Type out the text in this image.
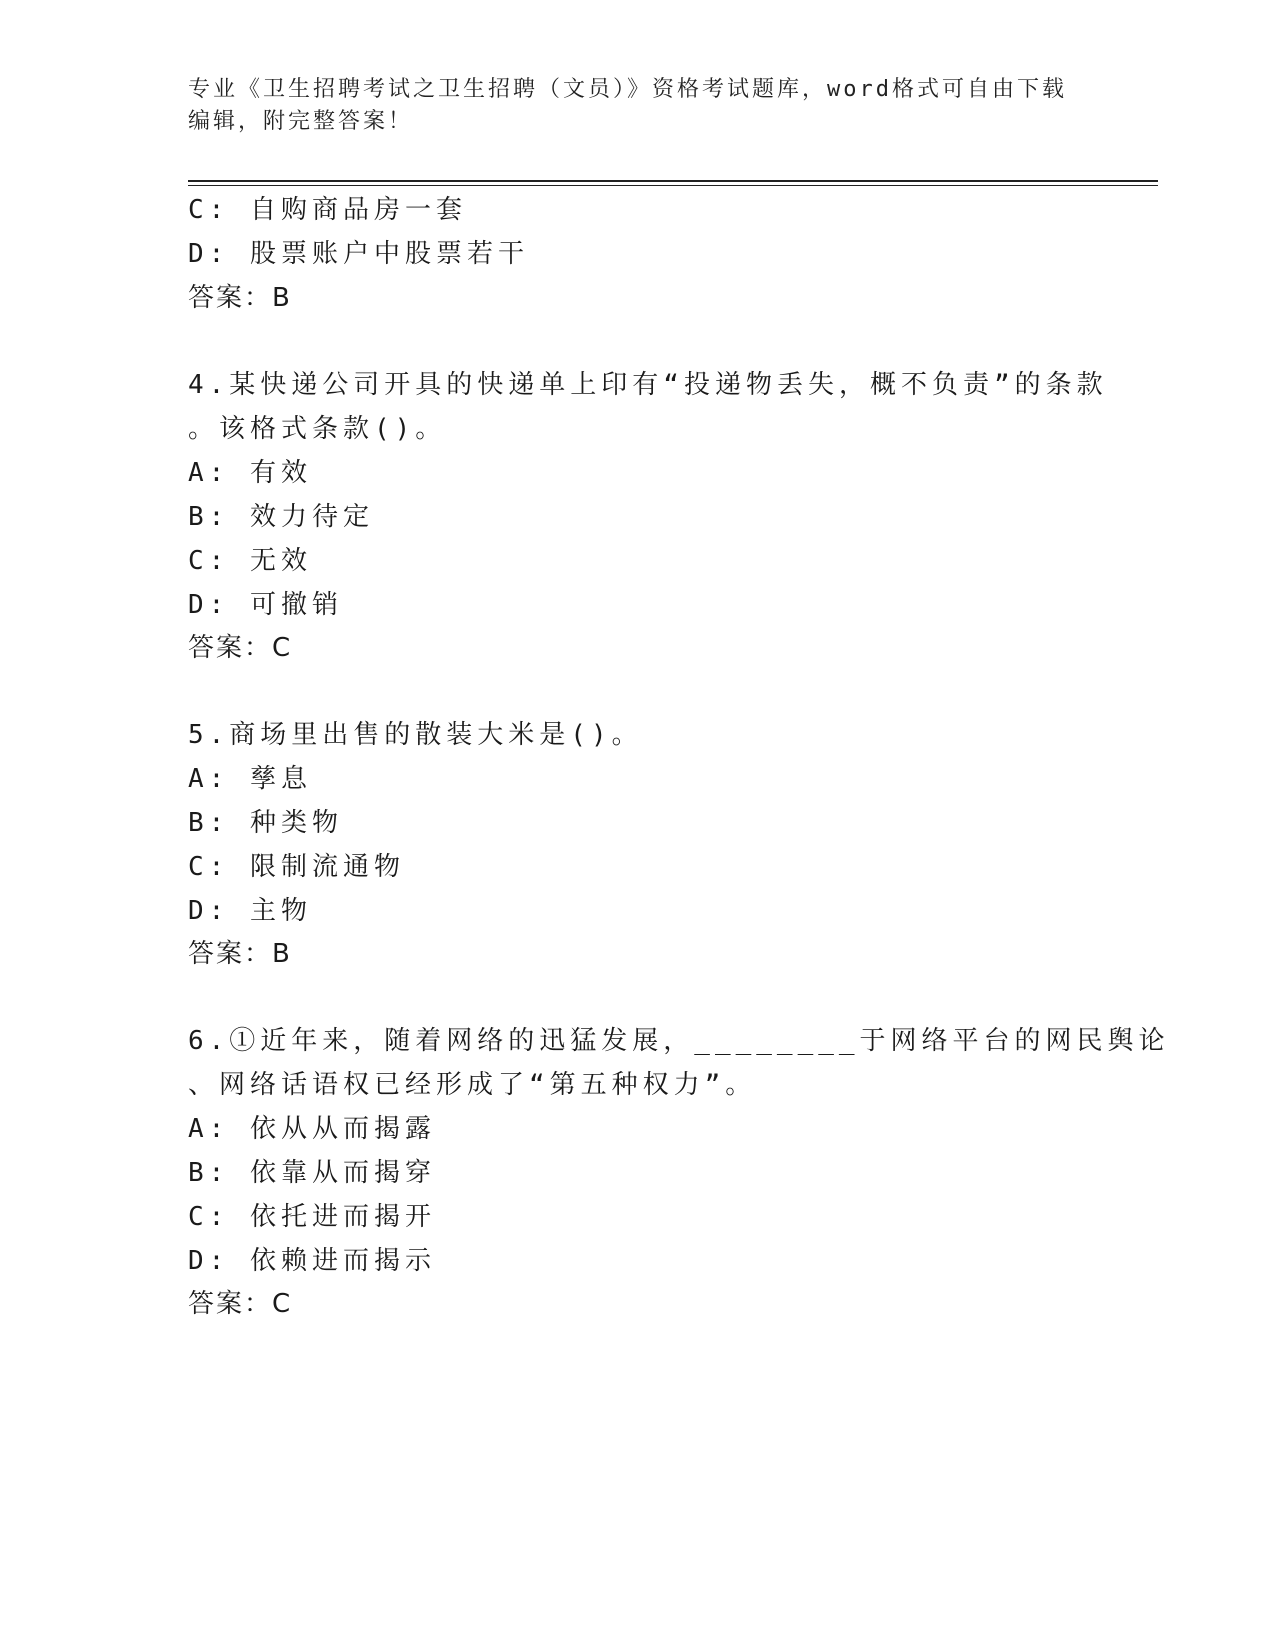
专业《卫生招聘考试之卫生招聘（文员）》资格考试题库，word格式可自由下载
编辑，附完整答案！
C: 自购商品房一套
D: 股票账户中股票若干
答案：B
4.某快递公司开具的快递单上印有“投递物丢失，概不负责”的条款
。该格式条款()。
A: 有效
B: 效力待定
C: 无效
D: 可撤销
答案：C
5.商场里出售的散装大米是()。
A: 孳息
B: 种类物
C: 限制流通物
D: 主物
答案：B
6.①近年来，随着网络的迅猛发展，________于网络平台的网民舆论
、网络话语权已经形成了“第五种权力”。
A: 依从从而揭露
B: 依靠从而揭穿
C: 依托进而揭开
D: 依赖进而揭示
答案：C
